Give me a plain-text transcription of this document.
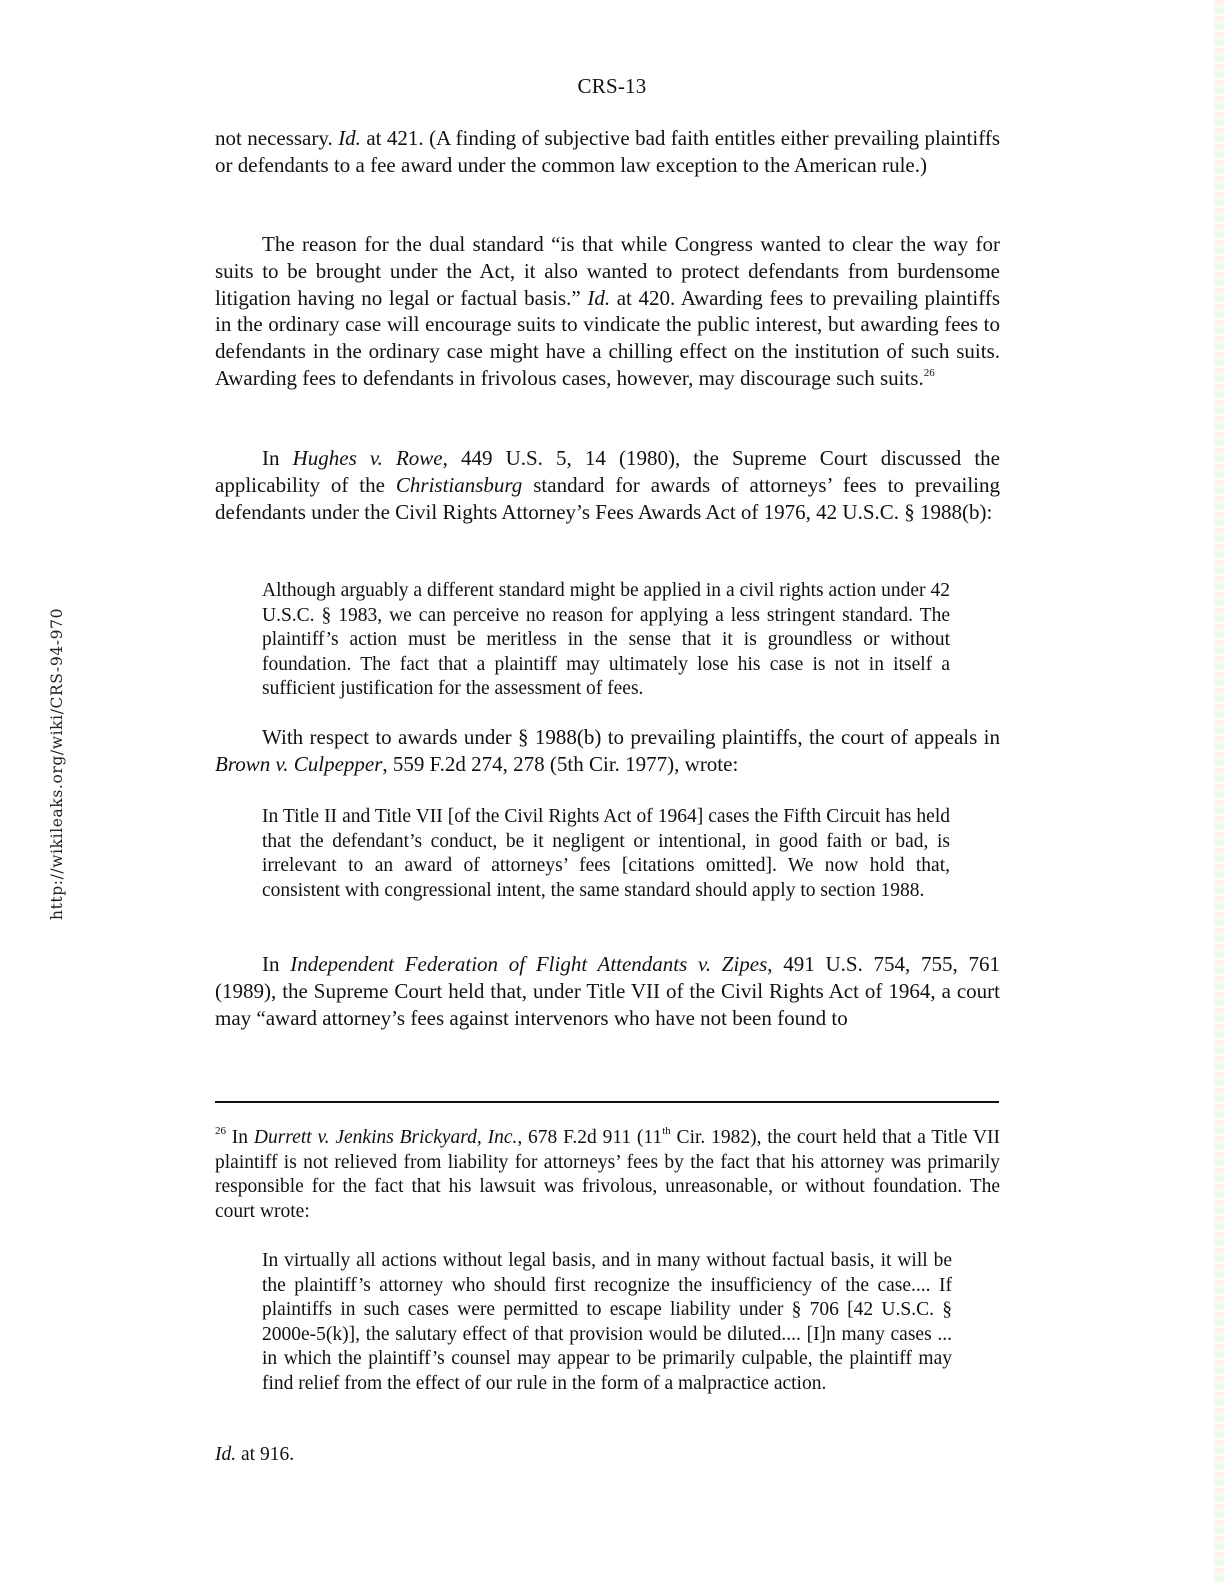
CRS-13
http://wikileaks.org/wiki/CRS-94-970

not necessary. Id. at 421. (A finding of subjective bad faith entitles either prevailing plaintiffs or defendants to a fee award under the common law exception to the American rule.)

The reason for the dual standard “is that while Congress wanted to clear the way for suits to be brought under the Act, it also wanted to protect defendants from burdensome litigation having no legal or factual basis.” Id. at 420. Awarding fees to prevailing plaintiffs in the ordinary case will encourage suits to vindicate the public interest, but awarding fees to defendants in the ordinary case might have a chilling effect on the institution of such suits. Awarding fees to defendants in frivolous cases, however, may discourage such suits.$^{26}$

In Hughes v. Rowe, 449 U.S. 5, 14 (1980), the Supreme Court discussed the applicability of the Christiansburg standard for awards of attorneys’ fees to prevailing defendants under the Civil Rights Attorney’s Fees Awards Act of 1976, 42 U.S.C. § 1988(b):

Although arguably a different standard might be applied in a civil rights action under 42 U.S.C. § 1983, we can perceive no reason for applying a less stringent standard. The plaintiff’s action must be meritless in the sense that it is groundless or without foundation. The fact that a plaintiff may ultimately lose his case is not in itself a sufficient justification for the assessment of fees.

With respect to awards under § 1988(b) to prevailing plaintiffs, the court of appeals in Brown v. Culpepper, 559 F.2d 274, 278 (5th Cir. 1977), wrote:

In Title II and Title VII [of the Civil Rights Act of 1964] cases the Fifth Circuit has held that the defendant’s conduct, be it negligent or intentional, in good faith or bad, is irrelevant to an award of attorneys’ fees [citations omitted]. We now hold that, consistent with congressional intent, the same standard should apply to section 1988.

In Independent Federation of Flight Attendants v. Zipes, 491 U.S. 754, 755, 761 (1989), the Supreme Court held that, under Title VII of the Civil Rights Act of 1964, a court may “award attorney’s fees against intervenors who have not been found to

$^{26}$ In Durrett v. Jenkins Brickyard, Inc., 678 F.2d 911 (11th Cir. 1982), the court held that a Title VII plaintiff is not relieved from liability for attorneys’ fees by the fact that his attorney was primarily responsible for the fact that his lawsuit was frivolous, unreasonable, or without foundation. The court wrote:

In virtually all actions without legal basis, and in many without factual basis, it will be the plaintiff’s attorney who should first recognize the insufficiency of the case.... If plaintiffs in such cases were permitted to escape liability under § 706 [42 U.S.C. § 2000e-5(k)], the salutary effect of that provision would be diluted.... [I]n many cases ... in which the plaintiff’s counsel may appear to be primarily culpable, the plaintiff may find relief from the effect of our rule in the form of a malpractice action.

Id. at 916.
